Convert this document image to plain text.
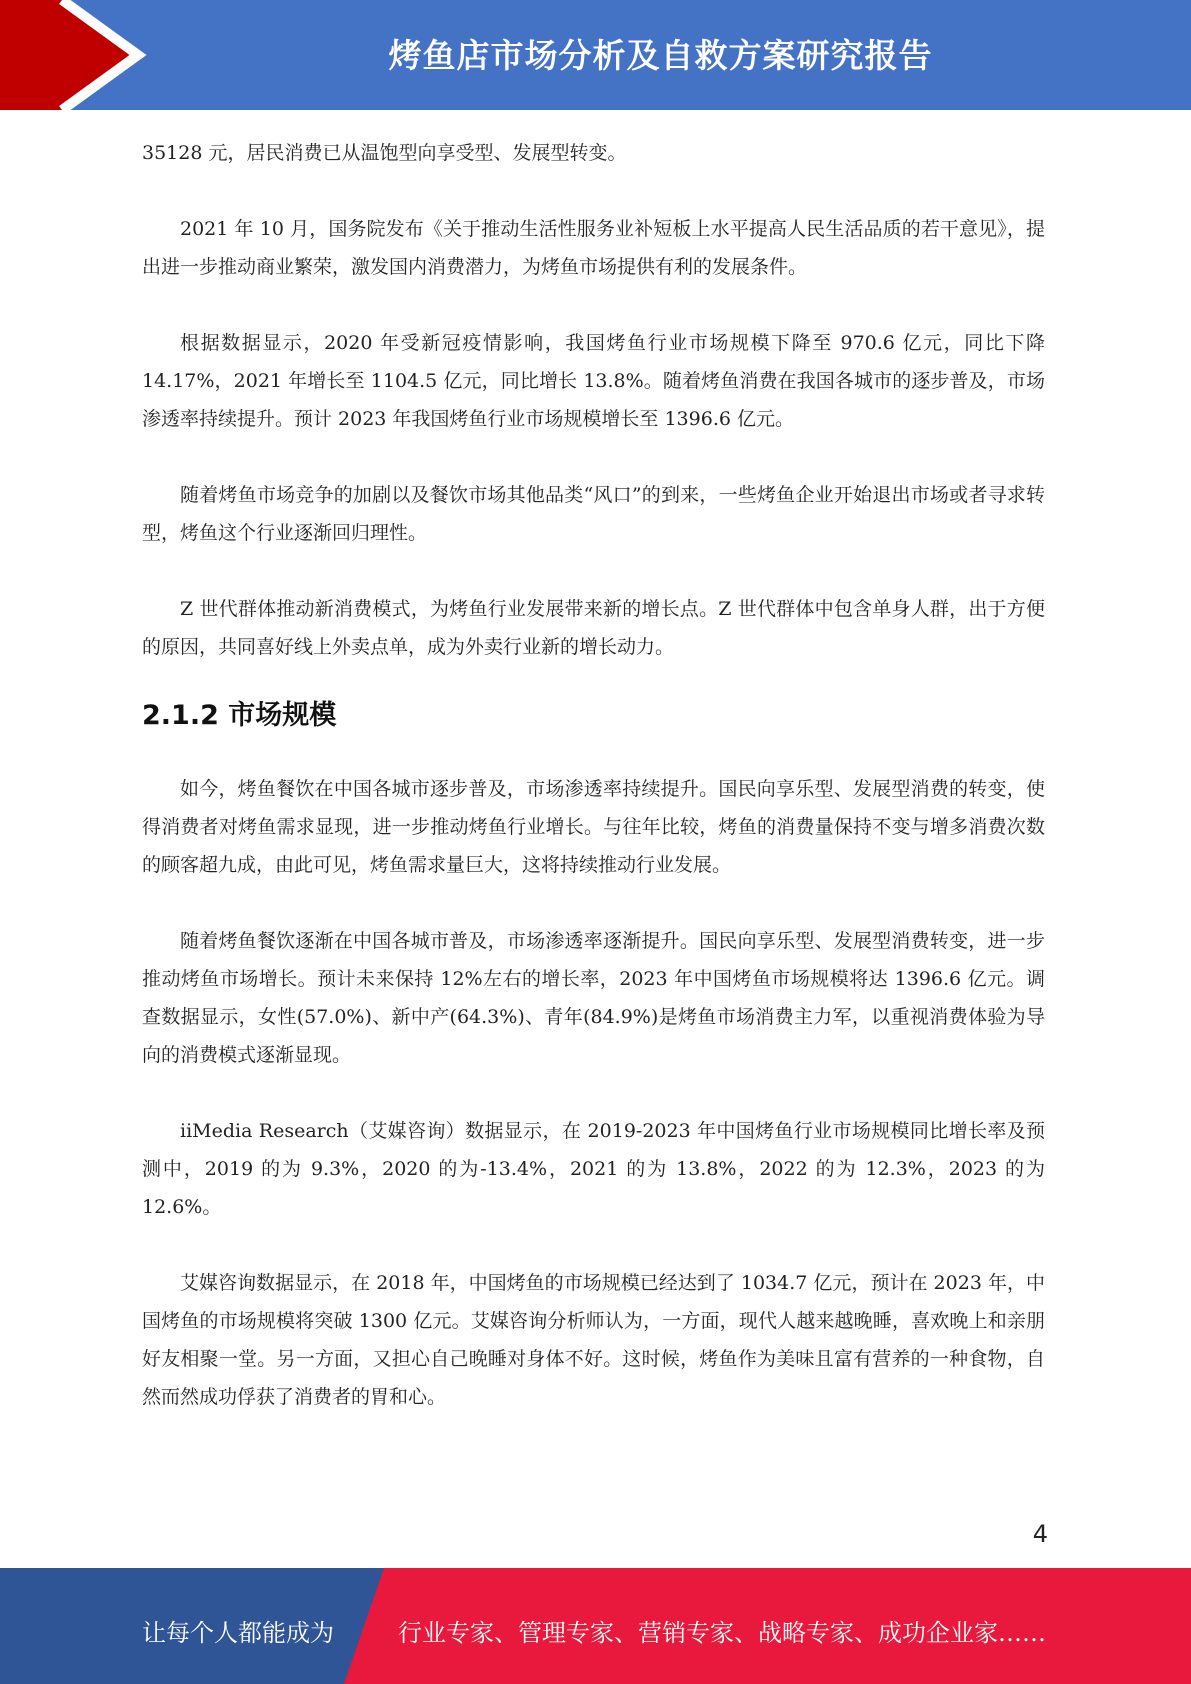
烤鱼店市场分析及自救方案研究报告

35128 元，居民消费已从温饱型向享受型、发展型转变。

2021 年 10 月，国务院发布《关于推动生活性服务业补短板上水平提高人民生活品质的若干意见》，提出进一步推动商业繁荣，激发国内消费潜力，为烤鱼市场提供有利的发展条件。

根据数据显示，2020 年受新冠疫情影响，我国烤鱼行业市场规模下降至 970.6 亿元，同比下降 14.17%，2021 年增长至 1104.5 亿元，同比增长 13.8%。随着烤鱼消费在我国各城市的逐步普及，市场渗透率持续提升。预计 2023 年我国烤鱼行业市场规模增长至 1396.6 亿元。

随着烤鱼市场竞争的加剧以及餐饮市场其他品类“风口”的到来，一些烤鱼企业开始退出市场或者寻求转型，烤鱼这个行业逐渐回归理性。

Z 世代群体推动新消费模式，为烤鱼行业发展带来新的增长点。Z 世代群体中包含单身人群，出于方便的原因，共同喜好线上外卖点单，成为外卖行业新的增长动力。

2.1.2 市场规模

如今，烤鱼餐饮在中国各城市逐步普及，市场渗透率持续提升。国民向享乐型、发展型消费的转变，使得消费者对烤鱼需求显现，进一步推动烤鱼行业增长。与往年比较，烤鱼的消费量保持不变与增多消费次数的顾客超九成，由此可见，烤鱼需求量巨大，这将持续推动行业发展。

随着烤鱼餐饮逐渐在中国各城市普及，市场渗透率逐渐提升。国民向享乐型、发展型消费转变，进一步推动烤鱼市场增长。预计未来保持 12%左右的增长率，2023 年中国烤鱼市场规模将达 1396.6 亿元。调查数据显示，女性(57.0%)、新中产(64.3%)、青年(84.9%)是烤鱼市场消费主力军，以重视消费体验为导向的消费模式逐渐显现。

iiMedia Research（艾媒咨询）数据显示，在 2019-2023 年中国烤鱼行业市场规模同比增长率及预测中，2019 的为 9.3%，2020 的为-13.4%，2021 的为 13.8%，2022 的为 12.3%，2023 的为 12.6%。

艾媒咨询数据显示，在 2018 年，中国烤鱼的市场规模已经达到了 1034.7 亿元，预计在 2023 年，中国烤鱼的市场规模将突破 1300 亿元。艾媒咨询分析师认为，一方面，现代人越来越晚睡，喜欢晚上和亲朋好友相聚一堂。另一方面，又担心自己晚睡对身体不好。这时候，烤鱼作为美味且富有营养的一种食物，自然而然成功俘获了消费者的胃和心。

4
让每个人都能成为	行业专家、管理专家、营销专家、战略专家、成功企业家……
